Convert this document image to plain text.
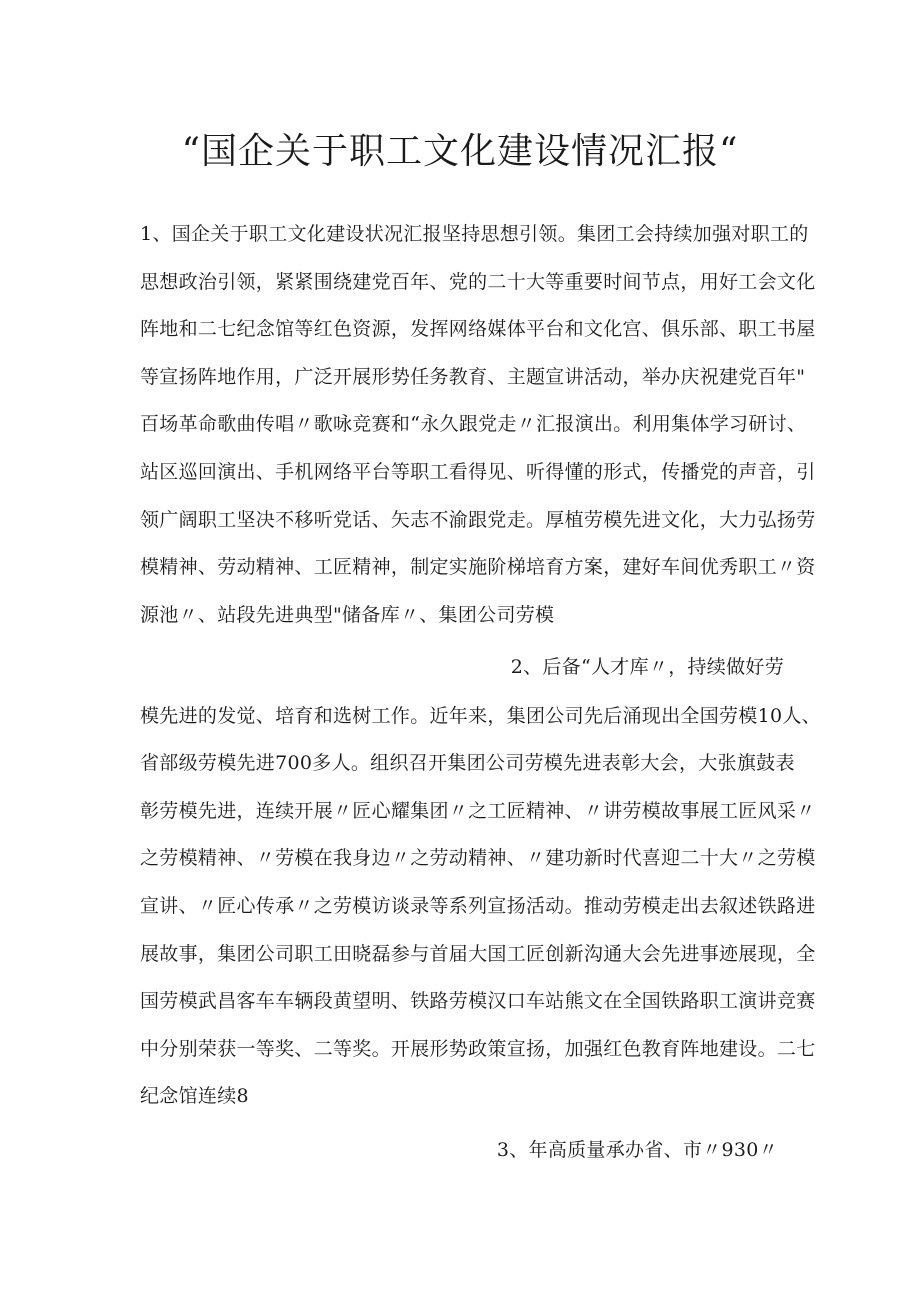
“国企关于职工文化建设情况汇报“

1、国企关于职工文化建设状况汇报坚持思想引领。集团工会持续加强对职工的

思想政治引领，紧紧围绕建党百年、党的二十大等重要时间节点，用好工会文化

阵地和二七纪念馆等红色资源，发挥网络媒体平台和文化宫、俱乐部、职工书屋

等宣扬阵地作用，广泛开展形势任务教育、主题宣讲活动，举办庆祝建党百年"

百场革命歌曲传唱〃歌咏竞赛和“永久跟党走〃汇报演出。利用集体学习研讨、

站区巡回演出、手机网络平台等职工看得见、听得懂的形式，传播党的声音，引

领广阔职工坚决不移听党话、矢志不渝跟党走。厚植劳模先进文化，大力弘扬劳

模精神、劳动精神、工匠精神，制定实施阶梯培育方案，建好车间优秀职工〃资

源池〃、站段先进典型"储备库〃、集团公司劳模

2、后备“人才库〃，持续做好劳

模先进的发觉、培育和选树工作。近年来，集团公司先后涌现出全国劳模10人、

省部级劳模先进700多人。组织召开集团公司劳模先进表彰大会，大张旗鼓表

彰劳模先进，连续开展〃匠心耀集团〃之工匠精神、〃讲劳模故事展工匠风采〃

之劳模精神、〃劳模在我身边〃之劳动精神、〃建功新时代喜迎二十大〃之劳模

宣讲、〃匠心传承〃之劳模访谈录等系列宣扬活动。推动劳模走出去叙述铁路进

展故事，集团公司职工田晓磊参与首届大国工匠创新沟通大会先进事迹展现，全

国劳模武昌客车车辆段黄望明、铁路劳模汉口车站熊文在全国铁路职工演讲竞赛

中分别荣获一等奖、二等奖。开展形势政策宣扬，加强红色教育阵地建设。二七

纪念馆连续8

3、年高质量承办省、市〃930〃
